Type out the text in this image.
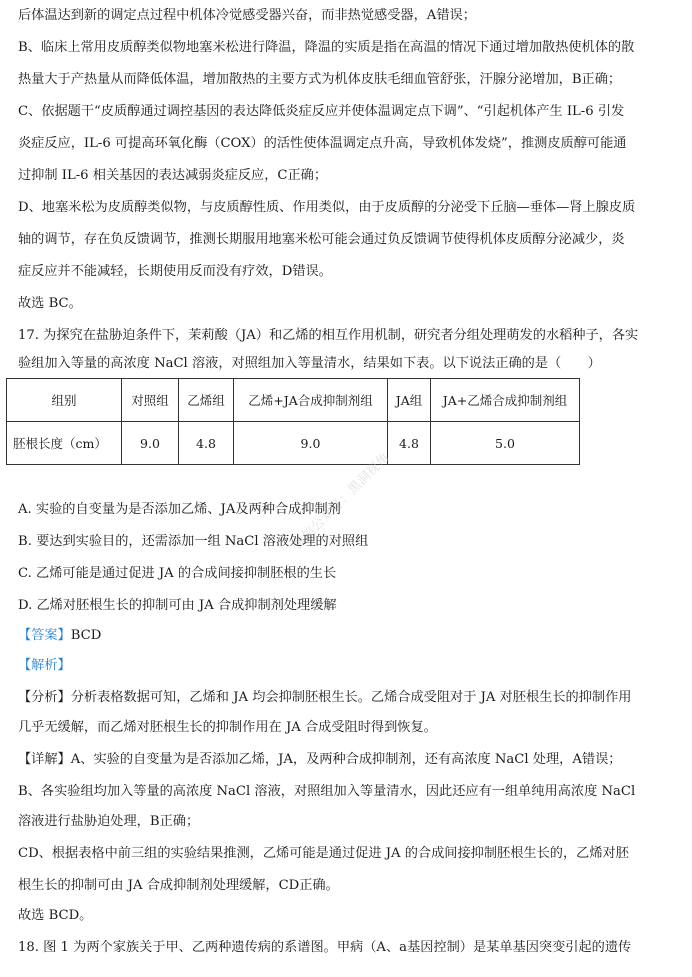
后体温达到新的调定点过程中机体冷觉感受器兴奋，而非热觉感受器，A错误；
B、临床上常用皮质醇类似物地塞米松进行降温，降温的实质是指在高温的情况下通过增加散热使机体的散
热量大于产热量从而降低体温，增加散热的主要方式为机体皮肤毛细血管舒张，汗腺分泌增加，B正确；
C、依据题干“皮质醇通过调控基因的表达降低炎症反应并使体温调定点下调”、“引起机体产生 IL-6 引发
炎症反应，IL-6 可提高环氧化酶（COX）的活性使体温调定点升高，导致机体发烧”，推测皮质醇可能通
过抑制 IL-6 相关基因的表达减弱炎症反应，C正确；
D、地塞米松为皮质醇类似物，与皮质醇性质、作用类似，由于皮质醇的分泌受下丘脑—垂体—肾上腺皮质
轴的调节，存在负反馈调节，推测长期服用地塞米松可能会通过负反馈调节使得机体皮质醇分泌减少，炎
症反应并不能减轻，长期使用反而没有疗效，D错误。
故选 BC。
17. 为探究在盐胁迫条件下，茉莉酸（JA）和乙烯的相互作用机制，研究者分组处理萌发的水稻种子，各实
验组加入等量的高浓度 NaCl 溶液，对照组加入等量清水，结果如下表。以下说法正确的是（　　）
组别	对照组	乙烯组	乙烯+JA合成抑制剂组	JA组	JA+乙烯合成抑制剂组
胚根长度（cm）	9.0	4.8	9.0	4.8	5.0
微信公众号：黑洞视角
A. 实验的自变量为是否添加乙烯、JA及两种合成抑制剂
B. 要达到实验目的，还需添加一组 NaCl 溶液处理的对照组
C. 乙烯可能是通过促进 JA 的合成间接抑制胚根的生长
D. 乙烯对胚根生长的抑制可由 JA 合成抑制剂处理缓解
【答案】BCD
【解析】
【分析】分析表格数据可知，乙烯和 JA 均会抑制胚根生长。乙烯合成受阻对于 JA 对胚根生长的抑制作用
几乎无缓解，而乙烯对胚根生长的抑制作用在 JA 合成受阻时得到恢复。
【详解】A、实验的自变量为是否添加乙烯，JA，及两种合成抑制剂，还有高浓度 NaCl 处理，A错误；
B、各实验组均加入等量的高浓度 NaCl 溶液，对照组加入等量清水，因此还应有一组单纯用高浓度 NaCl
溶液进行盐胁迫处理，B正确；
CD、根据表格中前三组的实验结果推测，乙烯可能是通过促进 JA 的合成间接抑制胚根生长的，乙烯对胚
根生长的抑制可由 JA 合成抑制剂处理缓解，CD正确。
故选 BCD。
18. 图 1 为两个家族关于甲、乙两种遗传病的系谱图。甲病（A、a基因控制）是某单基因突变引起的遗传
